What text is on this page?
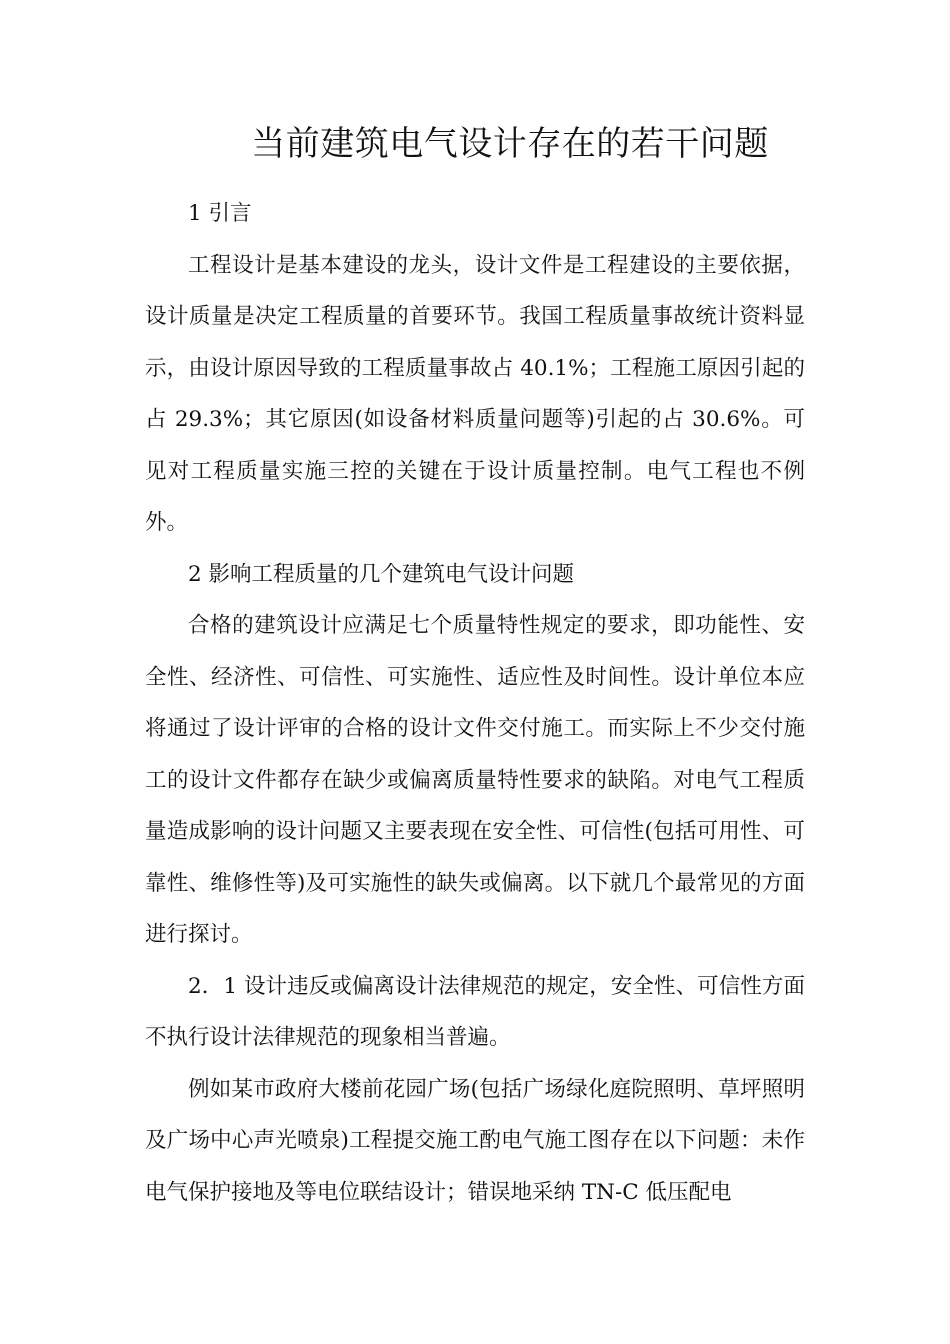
当前建筑电气设计存在的若干问题

1 引言

工程设计是基本建设的龙头，设计文件是工程建设的主要依据，设计质量是决定工程质量的首要环节。我国工程质量事故统计资料显示，由设计原因导致的工程质量事故占 40.1%；工程施工原因引起的占 29.3%；其它原因(如设备材料质量问题等)引起的占 30.6%。可见对工程质量实施三控的关键在于设计质量控制。电气工程也不例外。

2 影响工程质量的几个建筑电气设计问题

合格的建筑设计应满足七个质量特性规定的要求，即功能性、安全性、经济性、可信性、可实施性、适应性及时间性。设计单位本应将通过了设计评审的合格的设计文件交付施工。而实际上不少交付施工的设计文件都存在缺少或偏离质量特性要求的缺陷。对电气工程质量造成影响的设计问题又主要表现在安全性、可信性(包括可用性、可靠性、维修性等)及可实施性的缺失或偏离。以下就几个最常见的方面进行探讨。

2．1 设计违反或偏离设计法律规范的规定，安全性、可信性方面不执行设计法律规范的现象相当普遍。

例如某市政府大楼前花园广场(包括广场绿化庭院照明、草坪照明及广场中心声光喷泉)工程提交施工酌电气施工图存在以下问题：未作电气保护接地及等电位联结设计；错误地采纳 TN-C 低压配电
